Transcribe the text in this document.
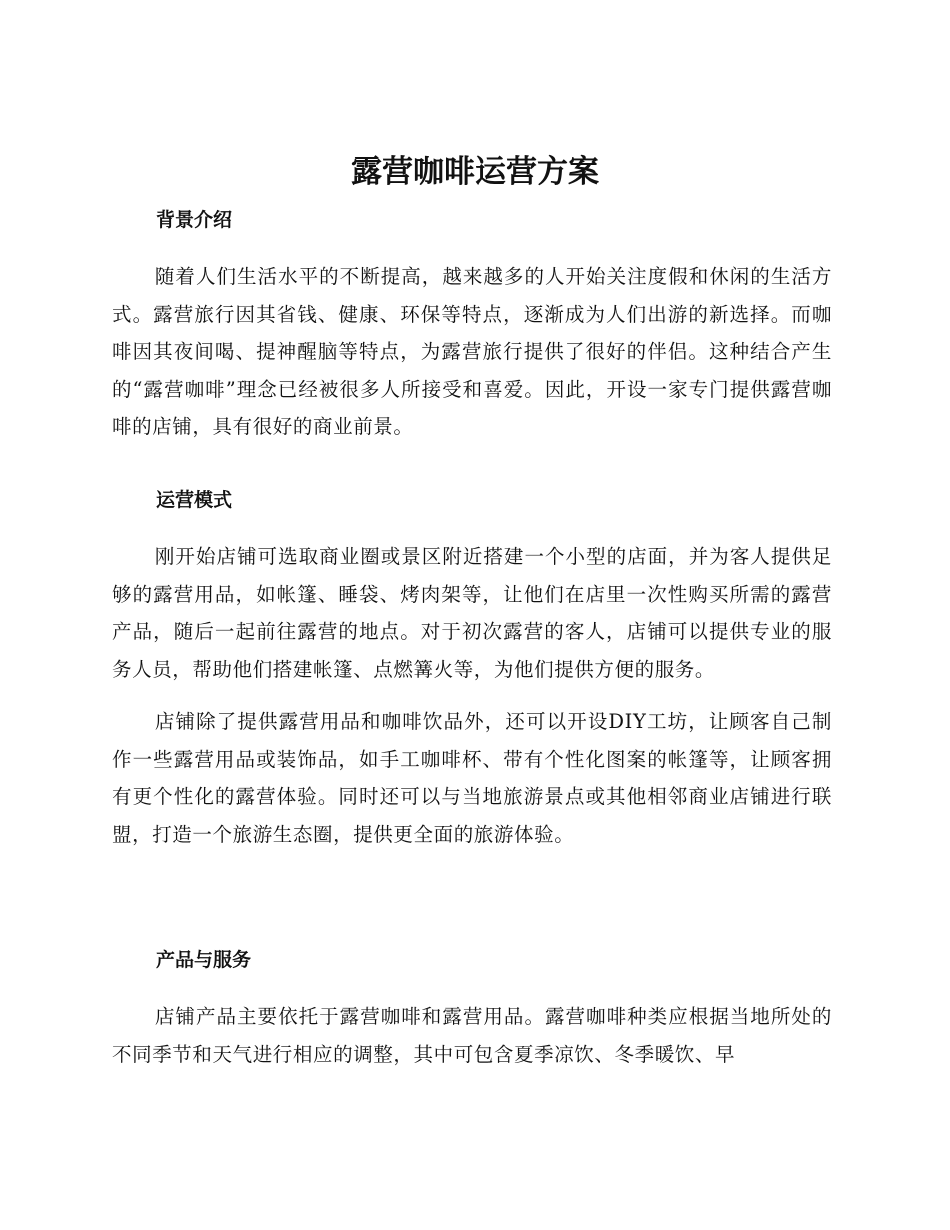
露营咖啡运营方案
背景介绍

随着人们生活水平的不断提高，越来越多的人开始关注度假和休闲的生活方式。露营旅行因其省钱、健康、环保等特点，逐渐成为人们出游的新选择。而咖啡因其夜间喝、提神醒脑等特点，为露营旅行提供了很好的伴侣。这种结合产生的“露营咖啡”理念已经被很多人所接受和喜爱。因此，开设一家专门提供露营咖啡的店铺，具有很好的商业前景。

运营模式

刚开始店铺可选取商业圈或景区附近搭建一个小型的店面，并为客人提供足够的露营用品，如帐篷、睡袋、烤肉架等，让他们在店里一次性购买所需的露营产品，随后一起前往露营的地点。对于初次露营的客人，店铺可以提供专业的服务人员，帮助他们搭建帐篷、点燃篝火等，为他们提供方便的服务。

店铺除了提供露营用品和咖啡饮品外，还可以开设DIY工坊，让顾客自己制作一些露营用品或装饰品，如手工咖啡杯、带有个性化图案的帐篷等，让顾客拥有更个性化的露营体验。同时还可以与当地旅游景点或其他相邻商业店铺进行联盟，打造一个旅游生态圈，提供更全面的旅游体验。

产品与服务

店铺产品主要依托于露营咖啡和露营用品。露营咖啡种类应根据当地所处的不同季节和天气进行相应的调整，其中可包含夏季凉饮、冬季暖饮、早
